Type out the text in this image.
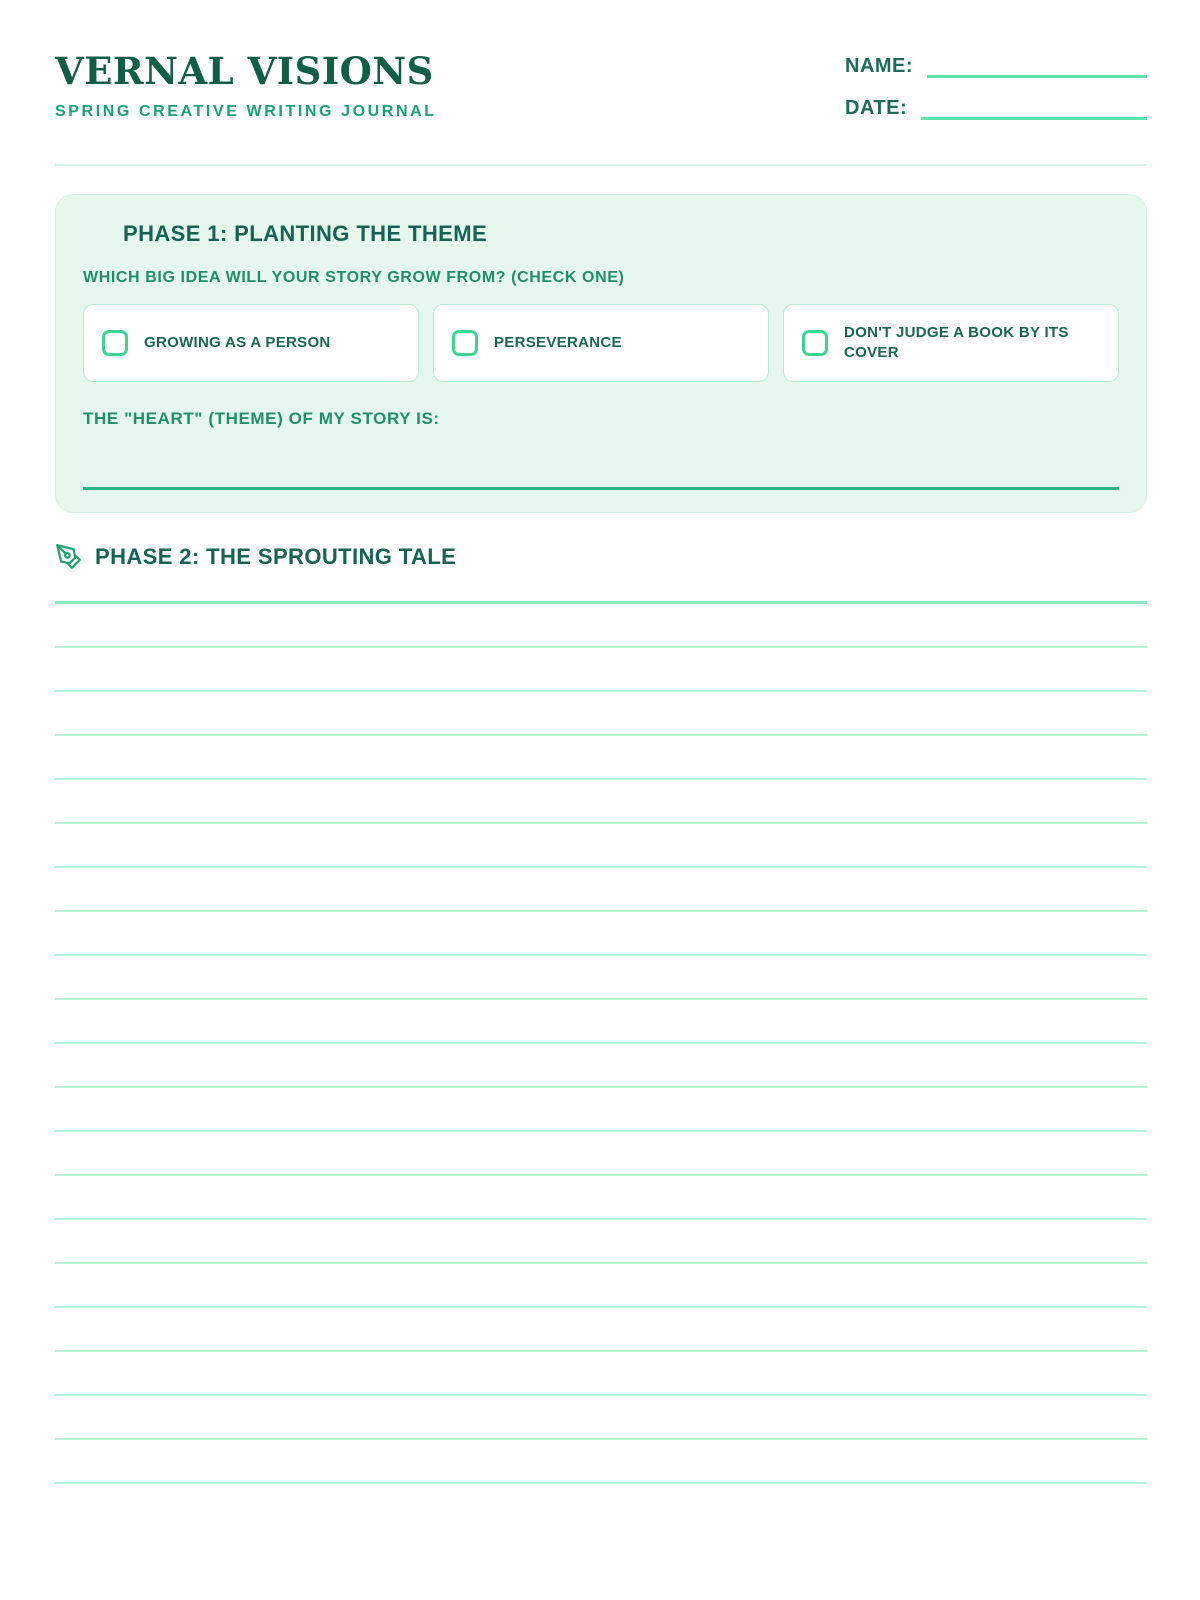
VERNAL VISIONS
SPRING CREATIVE WRITING JOURNAL
NAME:
DATE:
PHASE 1: PLANTING THE THEME
WHICH BIG IDEA WILL YOUR STORY GROW FROM? (CHECK ONE)
GROWING AS A PERSON	PERSEVERANCE
DON'T JUDGE A BOOK BY ITS COVER
THE "HEART" (THEME) OF MY STORY IS:
PHASE 2: THE SPROUTING TALE
